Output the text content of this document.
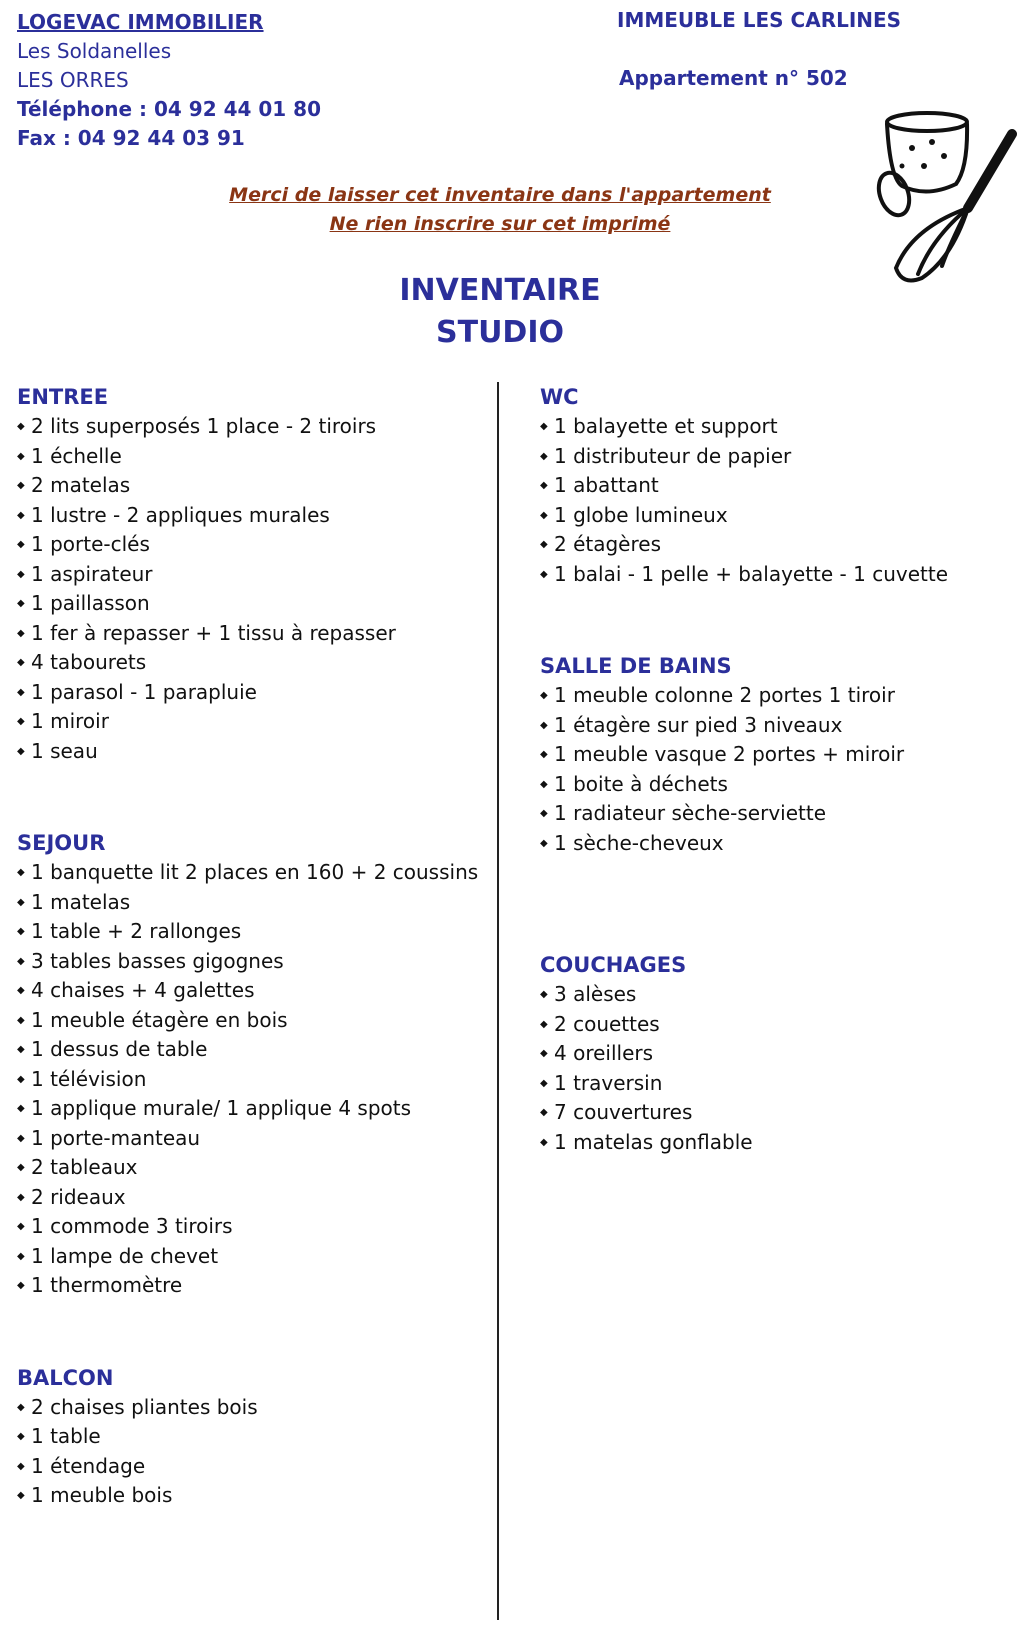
LOGEVAC IMMOBILIER
Les Soldanelles
LES ORRES
Téléphone : 04 92 44 01 80
Fax : 04 92 44 03 91
IMMEUBLE LES CARLINES
Appartement n° 502
Merci de laisser cet inventaire dans l'appartement
Ne rien inscrire sur cet imprimé
INVENTAIRE
STUDIO
ENTREE
◆ 2 lits superposés 1 place - 2 tiroirs
◆ 1 échelle
◆ 2 matelas
◆ 1 lustre - 2 appliques murales
◆ 1 porte-clés
◆ 1 aspirateur
◆ 1 paillasson
◆ 1 fer à repasser + 1 tissu à repasser
◆ 4 tabourets
◆ 1 parasol - 1 parapluie
◆ 1 miroir
◆ 1 seau
SEJOUR
◆ 1 banquette lit 2 places en 160 + 2 coussins
◆ 1 matelas
◆ 1 table + 2 rallonges
◆ 3 tables basses gigognes
◆ 4 chaises + 4 galettes
◆ 1 meuble étagère en bois
◆ 1 dessus de table
◆ 1 télévision
◆ 1 applique murale/ 1 applique 4 spots
◆ 1 porte-manteau
◆ 2 tableaux
◆ 2 rideaux
◆ 1 commode 3 tiroirs
◆ 1 lampe de chevet
◆ 1 thermomètre
BALCON
◆ 2 chaises pliantes bois
◆ 1 table
◆ 1 étendage
◆ 1 meuble bois
WC
◆ 1 balayette et support
◆ 1 distributeur de papier
◆ 1 abattant
◆ 1 globe lumineux
◆ 2 étagères
◆ 1 balai - 1 pelle + balayette - 1 cuvette
SALLE DE BAINS
◆ 1 meuble colonne 2 portes 1 tiroir
◆ 1 étagère sur pied 3 niveaux
◆ 1 meuble vasque 2 portes + miroir
◆ 1 boite à déchets
◆ 1 radiateur sèche-serviette
◆ 1 sèche-cheveux
COUCHAGES
◆ 3 alèses
◆ 2 couettes
◆ 4 oreillers
◆ 1 traversin
◆ 7 couvertures
◆ 1 matelas gonflable
